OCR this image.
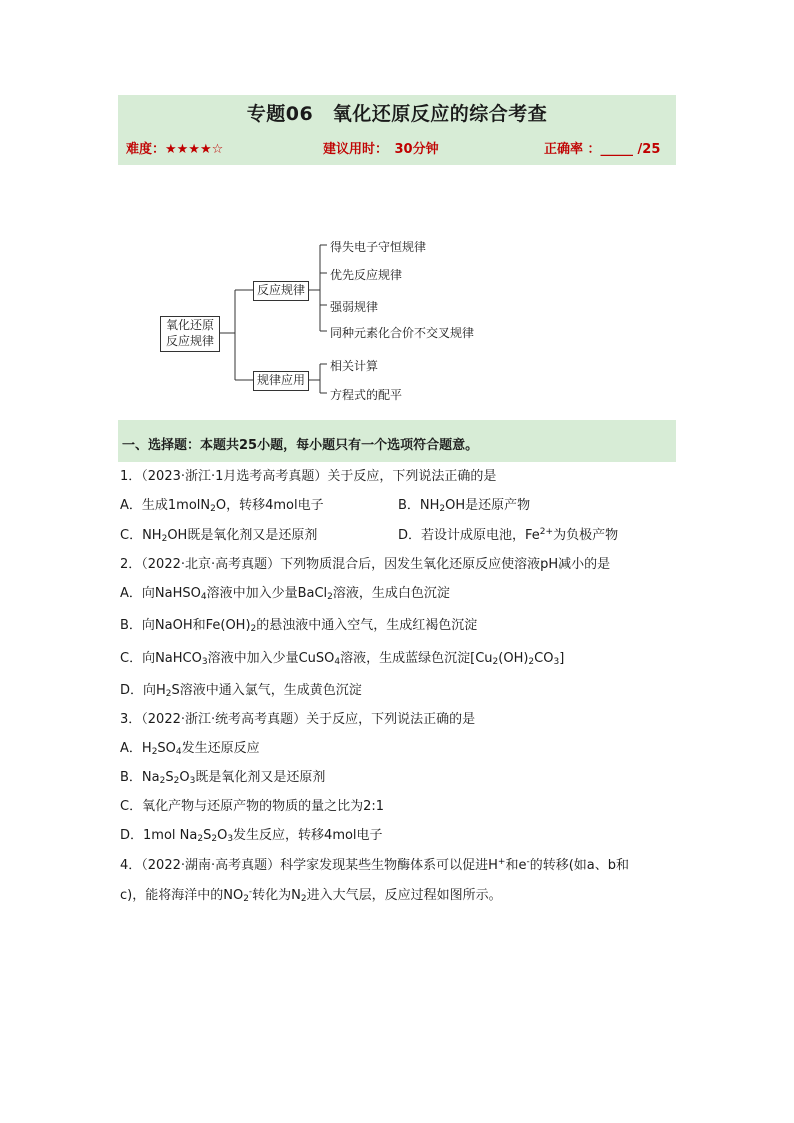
专题06　氧化还原反应的综合考查
难度：★★★★☆	建议用时：　30分钟	正确率 ：_____ /25
氧化还原
反应规律
反应规律
规律应用
得失电子守恒规律
优先反应规律
强弱规律
同种元素化合价不交叉规律
相关计算
方程式的配平
一、选择题：本题共25小题，每小题只有一个选项符合题意。
1．（2023·浙江·1月选考高考真题）关于反应，下列说法正确的是
A．生成1molN$_2$O，转移4mol电子	B．$NH_2OH$是还原产物
C．$NH_2OH$既是氧化剂又是还原剂	D．若设计成原电池，$Fe^{2+}$为负极产物
2．（2022·北京·高考真题）下列物质混合后，因发生氧化还原反应使溶液pH减小的是
A．向NaHSO$_4$溶液中加入少量BaCl$_2$溶液，生成白色沉淀
B．向NaOH和$Fe(OH)_2$的悬浊液中通入空气，生成红褐色沉淀
C．向NaHCO$_3$溶液中加入少量CuSO$_4$溶液，生成蓝绿色沉淀$[Cu_2(OH)_2CO_3]$
D．向$H_2S$溶液中通入氯气，生成黄色沉淀
3．（2022·浙江·统考高考真题）关于反应，下列说法正确的是
A．$H_2SO_4$发生还原反应
B．$Na_2S_2O_3$既是氧化剂又是还原剂
C．氧化产物与还原产物的物质的量之比为2:1
D．1mol $Na_2S_2O_3$发生反应，转移4mol电子
4．（2022·湖南·高考真题）科学家发现某些生物酶体系可以促进H+和e-的转移(如a、b和
c)，能将海洋中的$NO_2^-$转化为$N_2$进入大气层，反应过程如图所示。
